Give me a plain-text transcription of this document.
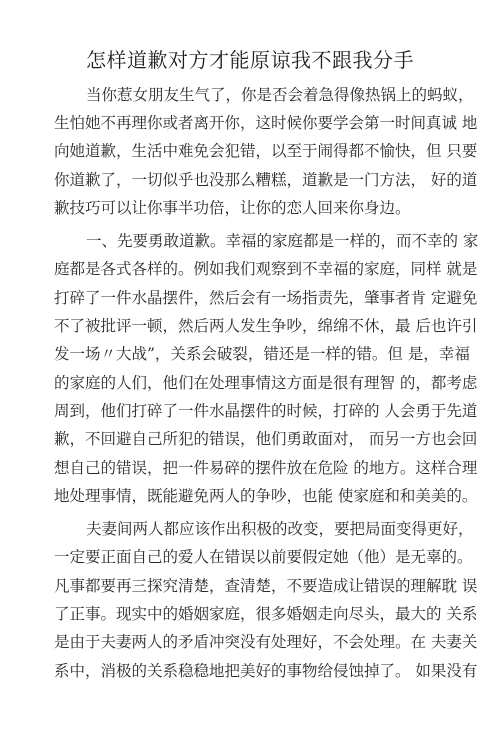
怎样道歉对方才能原谅我不跟我分手
当你惹女朋友生气了，你是否会着急得像热锅上的蚂蚁，
生怕她不再理你或者离开你，这时候你要学会第一时间真诚 地
向她道歉，生活中难免会犯错，以至于闹得都不愉快，但 只要
你道歉了，一切似乎也没那么糟糕，道歉是一门方法， 好的道
歉技巧可以让你事半功倍，让你的恋人回来你身边。
一、先要勇敢道歉。幸福的家庭都是一样的，而不幸的 家
庭都是各式各样的。例如我们观察到不幸福的家庭，同样 就是
打碎了一件水晶摆件，然后会有一场指责先，肇事者肯 定避免
不了被批评一顿，然后两人发生争吵，绵绵不休，最 后也许引
发一场〃大战”，关系会破裂，错还是一样的错。但 是，幸福
的家庭的人们，他们在处理事情这方面是很有理智 的，都考虑
周到，他们打碎了一件水晶摆件的时候，打碎的 人会勇于先道
歉，不回避自己所犯的错误，他们勇敢面对， 而另一方也会回
想自己的错误，把一件易碎的摆件放在危险 的地方。这样合理
地处理事情，既能避免两人的争吵，也能 使家庭和和美美的。
夫妻间两人都应该作出积极的改变，要把局面变得更好，
一定要正面自己的爱人在错误以前要假定她（他）是无辜的。
凡事都要再三探究清楚，查清楚，不要造成让错误的理解耽 误
了正事。现实中的婚姻家庭，很多婚姻走向尽头，最大的 关系
是由于夫妻两人的矛盾冲突没有处理好，不会处理。在 夫妻关
系中，消极的关系稳稳地把美好的事物给侵蚀掉了。 如果没有
